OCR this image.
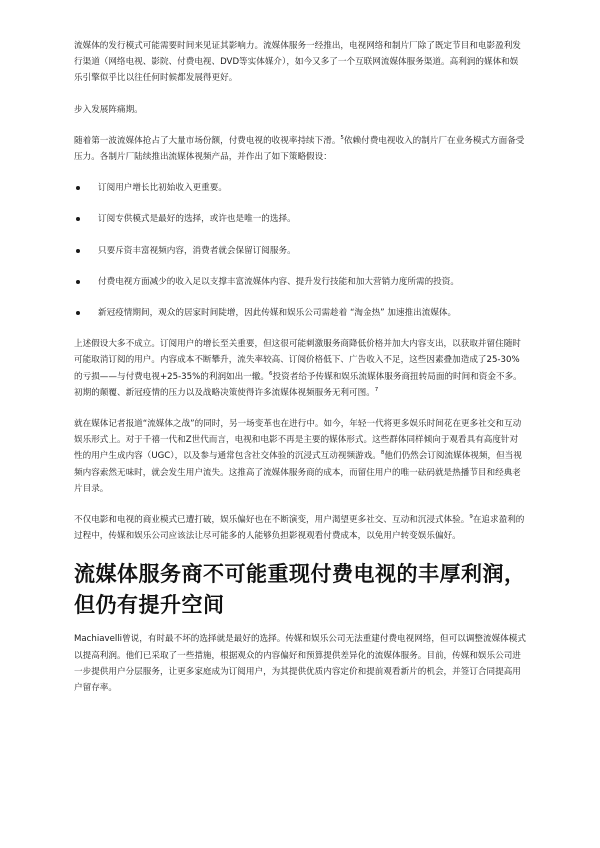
流媒体的发行模式可能需要时间来见证其影响力。流媒体服务一经推出，电视网络和制片厂除了既定节目和电影盈利发行渠道（网络电视、影院、付费电视、DVD等实体媒介），如今又多了一个互联网流媒体服务渠道。高利润的媒体和娱乐引擎似乎比以往任何时候都发展得更好。

步入发展阵痛期。

随着第一波流媒体抢占了大量市场份额，付费电视的收视率持续下滑。$^5$依赖付费电视收入的制片厂在业务模式方面备受压力。各制片厂陆续推出流媒体视频产品，并作出了如下策略假设：

订阅用户增长比初始收入更重要。
订阅专供模式是最好的选择，或许也是唯一的选择。
只要斥资丰富视频内容，消费者就会保留订阅服务。
付费电视方面减少的收入足以支撑丰富流媒体内容、提升发行技能和加大营销力度所需的投资。
新冠疫情期间，观众的居家时间陡增，因此传媒和娱乐公司需趁着 “淘金热” 加速推出流媒体。

上述假设大多不成立。订阅用户的增长至关重要，但这很可能刺激服务商降低价格并加大内容支出，以获取并留住随时可能取消订阅的用户。内容成本不断攀升，流失率较高、订阅价格低下、广告收入不足，这些因素叠加造成了25-30%的亏损——与付费电视+25-35%的利润如出一辙。$^6$投资者给予传媒和娱乐流媒体服务商扭转局面的时间和资金不多。初期的颠覆、新冠疫情的压力以及战略决策使得许多流媒体视频服务无利可图。$^7$

就在媒体记者报道“流媒体之战”的同时，另一场变革也在进行中。如今，年轻一代将更多娱乐时间花在更多社交和互动娱乐形式上。对于千禧一代和Z世代而言，电视和电影不再是主要的媒体形式。这些群体同样倾向于观看具有高度针对性的用户生成内容（UGC），以及参与通常包含社交体验的沉浸式互动视频游戏。$^8$他们仍然会订阅流媒体视频，但当视频内容索然无味时，就会发生用户流失。这推高了流媒体服务商的成本，而留住用户的唯一砝码就是热播节目和经典老片目录。

不仅电影和电视的商业模式已遭打破，娱乐偏好也在不断演变，用户渴望更多社交、互动和沉浸式体验。$^9$在追求盈利的过程中，传媒和娱乐公司应该法让尽可能多的人能够负担影视观看付费成本，以免用户转变娱乐偏好。

流媒体服务商不可能重现付费电视的丰厚利润，但仍有提升空间

Machiavelli曾说，有时最不坏的选择就是最好的选择。传媒和娱乐公司无法重建付费电视网络，但可以调整流媒体模式以提高利润。他们已采取了一些措施，根据观众的内容偏好和预算提供差异化的流媒体服务。目前，传媒和娱乐公司进一步提供用户分层服务，让更多家庭成为订阅用户，为其提供优质内容定价和提前观看新片的机会，并签订合同提高用户留存率。
